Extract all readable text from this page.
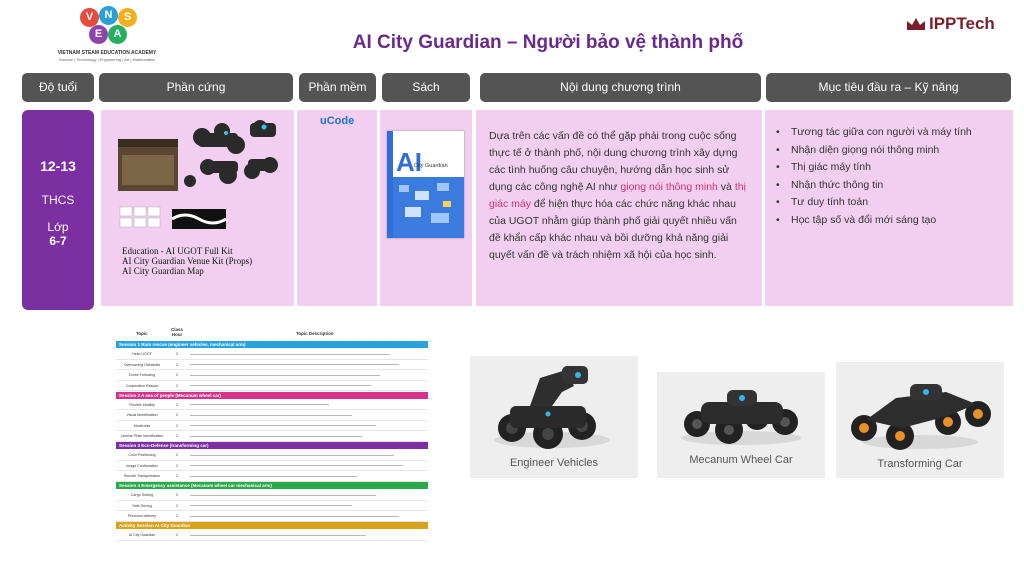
V	N	S
E	A
VIETNAM STEAM EDUCATION ACADEMY
Science | Technology | Engineering | Art | Mathematics
AI City Guardian – Người bảo vệ thành phố
IPPTech
Độ tuổi	Phần cứng	Phần mềm	Sách	Nội dung chương trình	Mục tiêu đầu ra – Kỹ năng
12-13
THCS
Lớp
6-7
Education - AI UGOT Full Kit
AI City Guardian Venue Kit (Props)
AI City Guardian Map
uCode
AI
City Guardian
Dựa trên các vấn đề có thể gặp phải trong cuộc sống thực tế ở thành phố, nội dung chương trình xây dựng các tình huống câu chuyện, hướng dẫn học sinh sử dụng các công nghệ AI như giọng nói thông minh và thị giác máy để hiện thực hóa các chức năng khác nhau của UGOT nhằm giúp thành phố giải quyết nhiều vấn đề khẩn cấp khác nhau và bồi dưỡng khả năng giải quyết vấn đề và trách nhiệm xã hội của học sinh.
• Tương tác giữa con người và máy tính
• Nhận diện giọng nói thông minh
• Thị giác máy tính
• Nhận thức thông tin
• Tư duy tính toán
• Học tập số và đổi mới sáng tạo
Topic
Class Hour	Topic Description
Session 1 Ruin rescue (engineer vehicles, mechanical arm)
Hello UGOT	2
Overcoming Obstacles	2
Drone Following	2
Cooperative Rescue	2
Session 2 A sea of people (Mecanum wheel car)
Flexible Mobility	2
Visual Identification	2
Modernize	2
License Plate Identification	2
Session 3 Eco-Defense (transforming car)
Color Positioning	2
Image Confirmation	2
Smooth Transportation	2
Session 4 Emergency assistance (Mecanum wheel car mechanical arm)
Cargo Sorting	2
Safe Driving	2
Precision delivery	2
Activity Session AI City Guardian
AI City Guardian	2
Engineer Vehicles	Mecanum Wheel Car	Transforming Car
